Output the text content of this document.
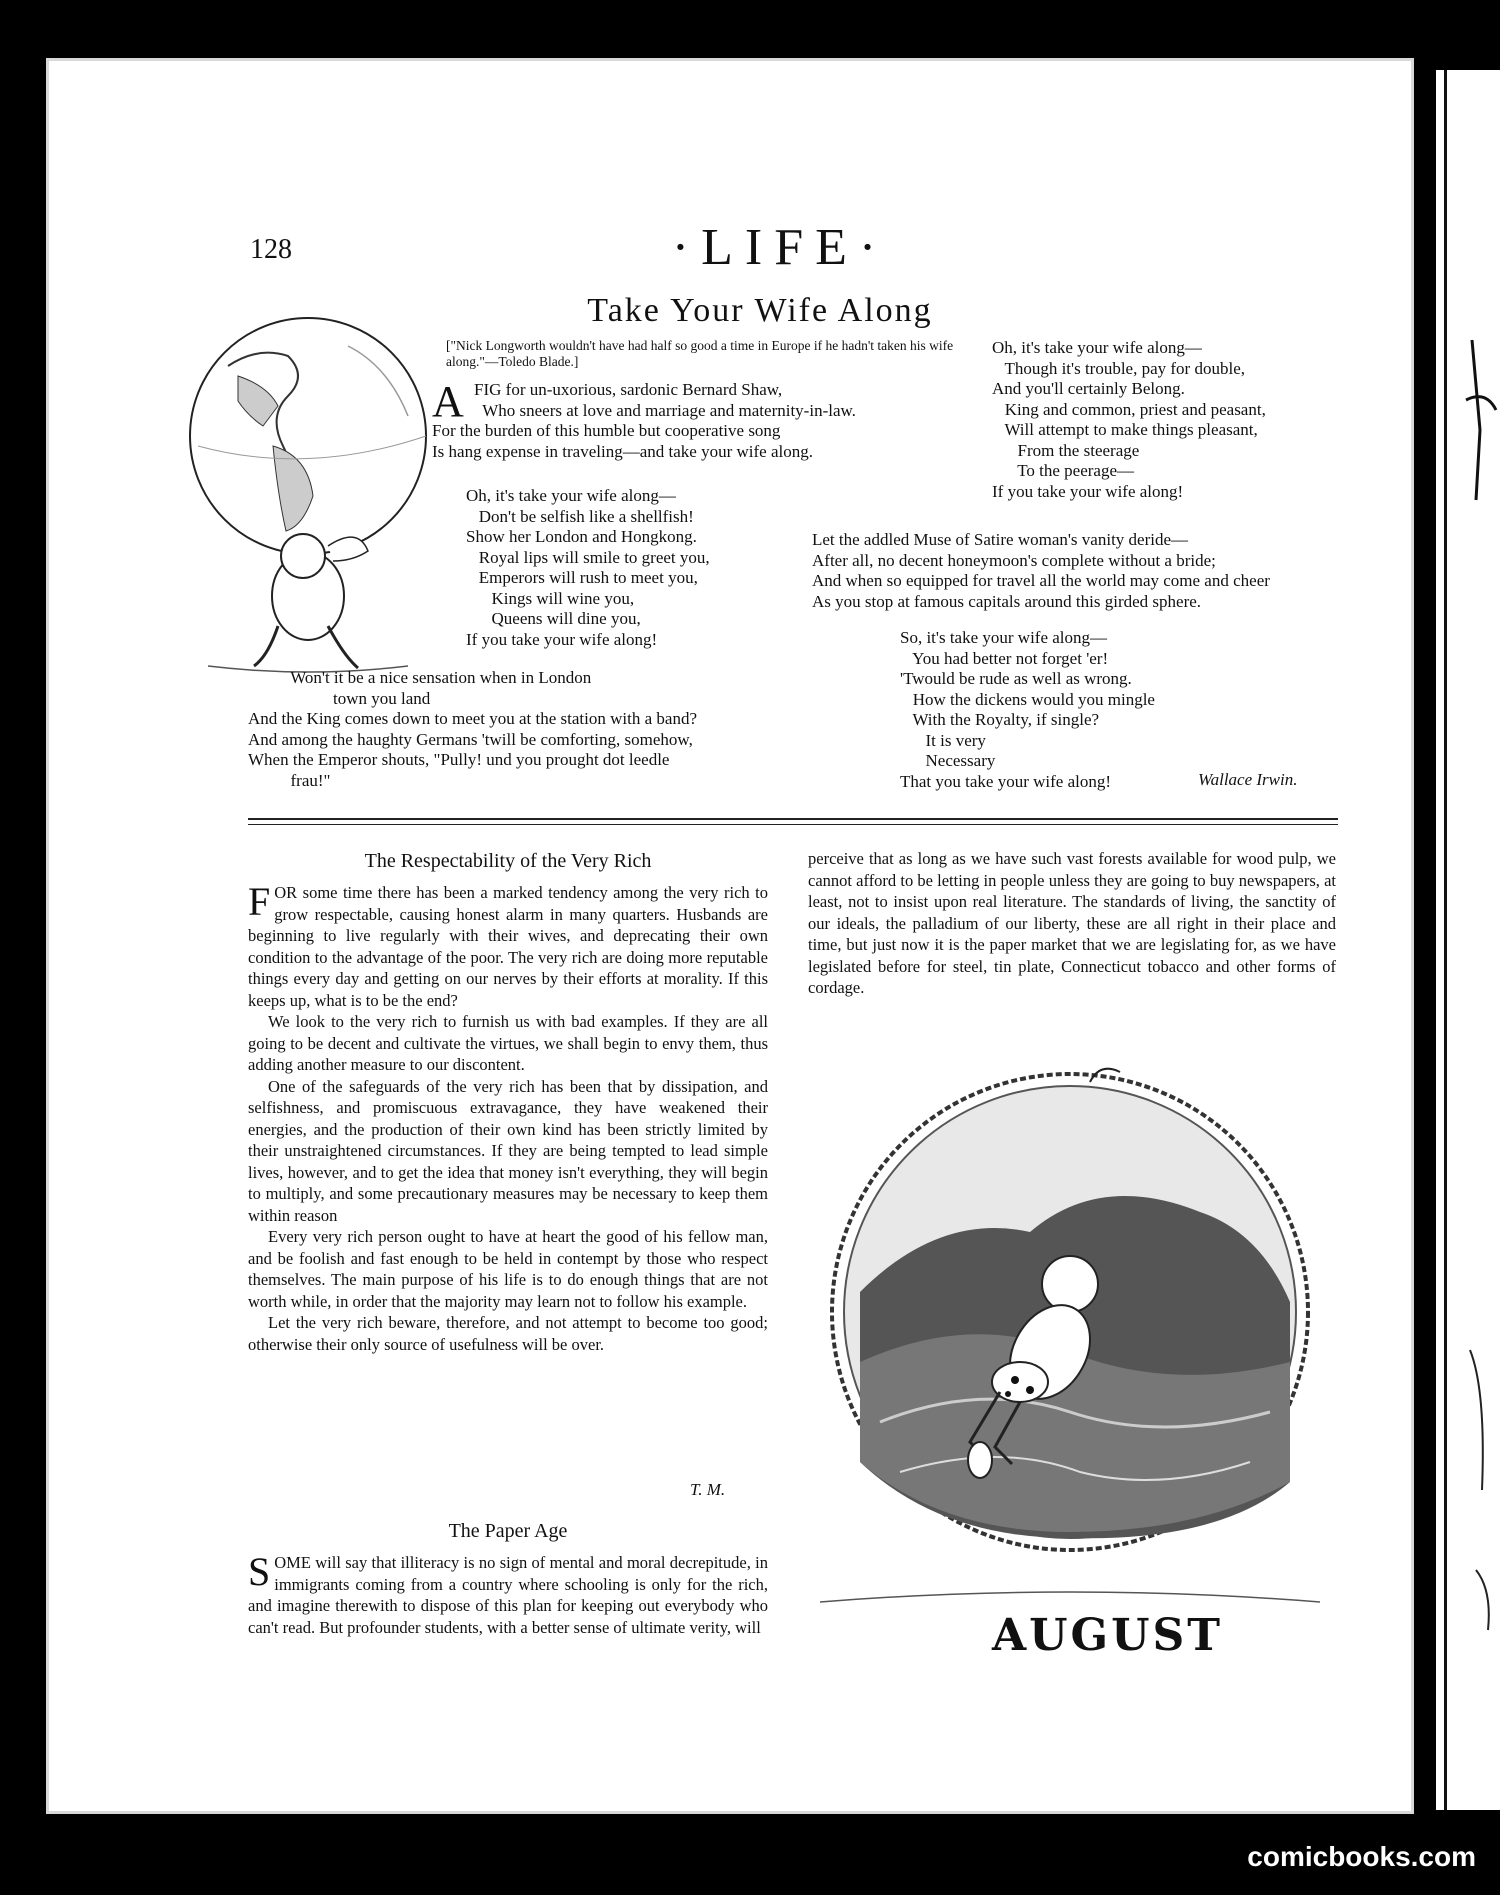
128	·LIFE·
Take Your Wife Along
["Nick Longworth wouldn't have had half so good a time in Europe if he hadn't taken his wife along."—Toledo Blade.]
A FIG for un-uxorious, sardonic Bernard Shaw,
Who sneers at love and marriage and maternity-in-law.
For the burden of this humble but cooperative song
Is hang expense in traveling—and take your wife along.
Oh, it's take your wife along—
Don't be selfish like a shellfish!
Show her London and Hongkong.
Royal lips will smile to greet you,
Emperors will rush to meet you,
Kings will wine you,
Queens will dine you,
If you take your wife along!
Won't it be a nice sensation when in London
town you land
And the King comes down to meet you at the station with a band?
And among the haughty Germans 'twill be comforting, somehow,
When the Emperor shouts, "Pully! und you prought dot leedle
frau!"
Oh, it's take your wife along—
Though it's trouble, pay for double,
And you'll certainly Belong.
King and common, priest and peasant,
Will attempt to make things pleasant,
From the steerage
To the peerage—
If you take your wife along!
Let the addled Muse of Satire woman's vanity deride—
After all, no decent honeymoon's complete without a bride;
And when so equipped for travel all the world may come and cheer
As you stop at famous capitals around this girded sphere.
So, it's take your wife along—
You had better not forget 'er!
'Twould be rude as well as wrong.
How the dickens would you mingle
With the Royalty, if single?
It is very
Necessary
That you take your wife along!	Wallace Irwin.
The Respectability of the Very Rich

FOR some time there has been a marked tendency among the very rich to grow respectable, causing honest alarm in many quarters. Husbands are beginning to live regularly with their wives, and deprecating their own condition to the advantage of the poor. The very rich are doing more reputable things every day and getting on our nerves by their efforts at morality. If this keeps up, what is to be the end?

We look to the very rich to furnish us with bad examples. If they are all going to be decent and cultivate the virtues, we shall begin to envy them, thus adding another measure to our discontent.

One of the safeguards of the very rich has been that by dissipation, and selfishness, and promiscuous extravagance, they have weakened their energies, and the production of their own kind has been strictly limited by their unstraightened circumstances. If they are being tempted to lead simple lives, however, and to get the idea that money isn't everything, they will begin to multiply, and some precautionary measures may be necessary to keep them within reason

Every very rich person ought to have at heart the good of his fellow man, and be foolish and fast enough to be held in contempt by those who respect themselves. The main purpose of his life is to do enough things that are not worth while, in order that the majority may learn not to follow his example.

Let the very rich beware, therefore, and not attempt to become too good; otherwise their only source of usefulness will be over.

T. M.
The Paper Age

SOME will say that illiteracy is no sign of mental and moral decrepitude, in immigrants coming from a country where schooling is only for the rich, and imagine therewith to dispose of this plan for keeping out everybody who can't read. But profounder students, with a better sense of ultimate verity, will

perceive that as long as we have such vast forests available for wood pulp, we cannot afford to be letting in people unless they are going to buy newspapers, at least, not to insist upon real literature. The standards of living, the sanctity of our ideals, the palladium of our liberty, these are all right in their place and time, but just now it is the paper market that we are legislating for, as we have legislated before for steel, tin plate, Connecticut tobacco and other forms of cordage.

AUGUST
comicbooks.com
